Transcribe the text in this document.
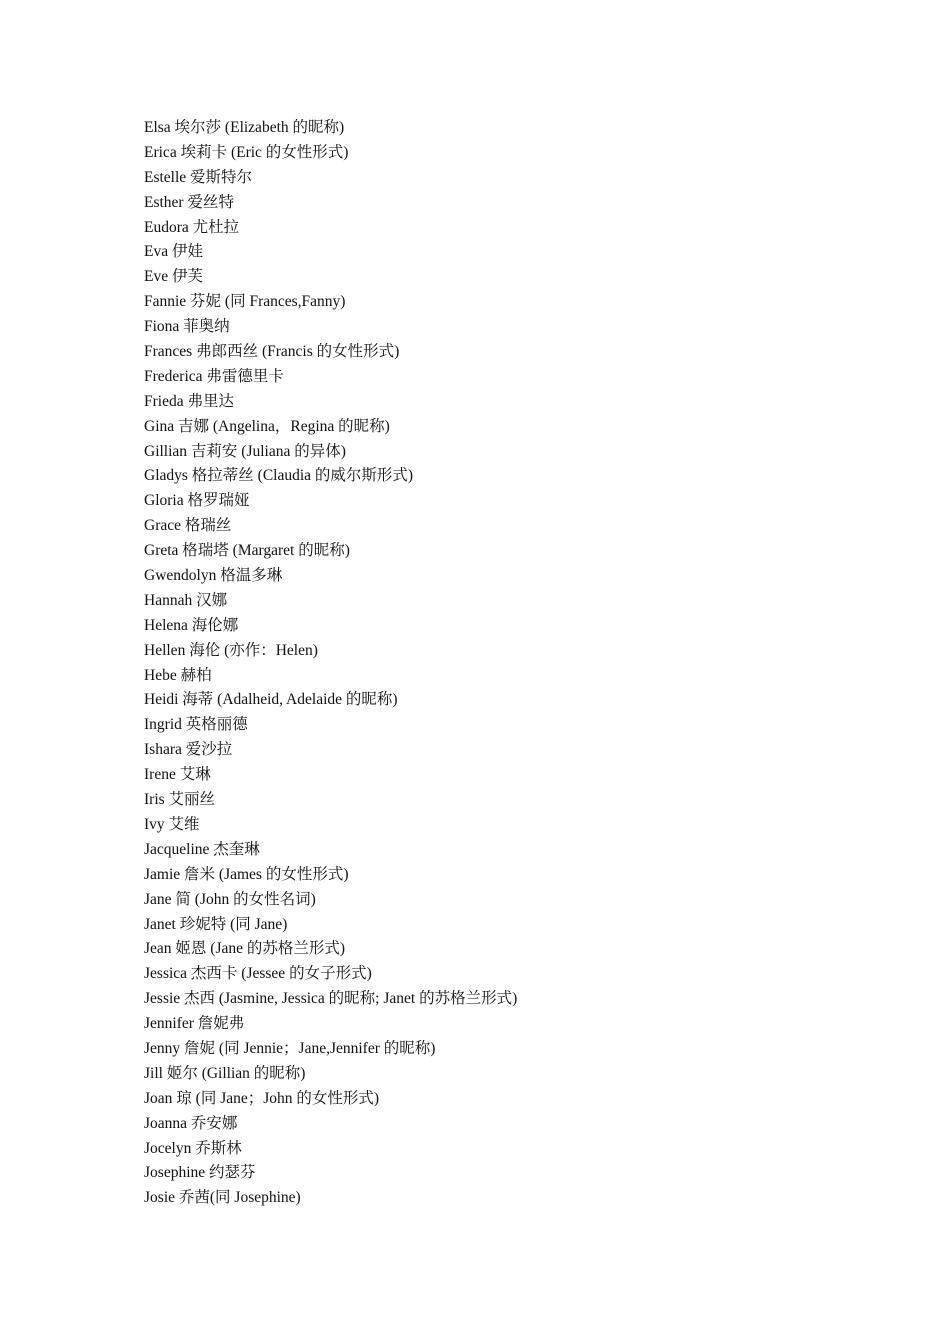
Elsa 埃尔莎 (Elizabeth 的昵称)
Erica 埃莉卡 (Eric 的女性形式)
Estelle 爱斯特尔
Esther 爱丝特
Eudora 尤杜拉
Eva 伊娃
Eve 伊芙
Fannie 芬妮 (同 Frances,Fanny)
Fiona 菲奥纳
Frances 弗郎西丝 (Francis 的女性形式)
Frederica 弗雷德里卡
Frieda 弗里达
Gina 吉娜 (Angelina，Regina 的昵称)
Gillian 吉莉安 (Juliana 的异体)
Gladys 格拉蒂丝 (Claudia 的威尔斯形式)
Gloria 格罗瑞娅
Grace 格瑞丝
Greta 格瑞塔 (Margaret 的昵称)
Gwendolyn 格温多琳
Hannah 汉娜
Helena 海伦娜
Hellen 海伦 (亦作：Helen)
Hebe 赫柏
Heidi 海蒂 (Adalheid, Adelaide 的昵称)
Ingrid 英格丽德
Ishara 爱沙拉
Irene 艾琳
Iris 艾丽丝
Ivy 艾维
Jacqueline 杰奎琳
Jamie 詹米 (James 的女性形式)
Jane 简 (John 的女性名词)
Janet 珍妮特 (同 Jane)
Jean 姬恩 (Jane 的苏格兰形式)
Jessica 杰西卡 (Jessee 的女子形式)
Jessie 杰西 (Jasmine, Jessica 的昵称; Janet 的苏格兰形式)
Jennifer 詹妮弗
Jenny 詹妮 (同 Jennie；Jane,Jennifer 的昵称)
Jill 姬尔 (Gillian 的昵称)
Joan 琼 (同 Jane；John 的女性形式)
Joanna 乔安娜
Jocelyn 乔斯林
Josephine 约瑟芬
Josie 乔茜(同 Josephine)
